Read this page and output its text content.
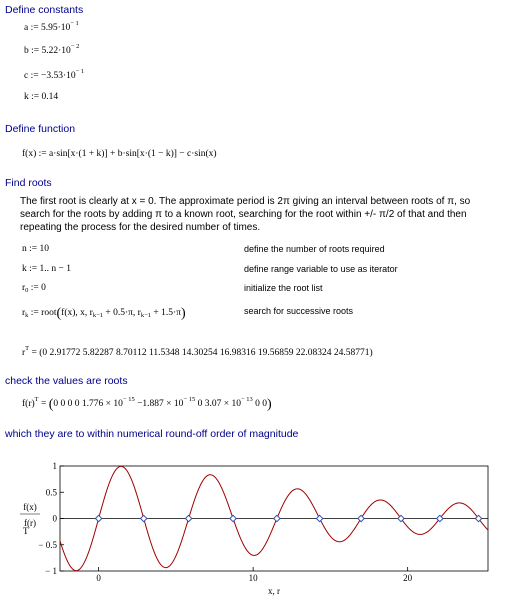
Define constants
a := $5.95\cdot 10^{- 1}$
b := $5.22\cdot 10^{- 2}$
c := $-3.53\cdot 10^{- 1}$
k := 0.14
Define function
f(x) := a·sin[x·(1 + k)] + b·sin[x·(1 − k)] − c·sin(x)
Find roots
The first root is clearly at x = 0. The approximate period is 2π giving an interval between roots of π, so search for the roots by adding π to a known root, searching for the root within +/- π/2 of that and then repeating the process for the desired number of times.
n := 10	define the number of roots required
k := 1.. n − 1	define range variable to use as iterator
$r_0$ := 0	initialize the root list
$r_k$ := root(f(x), x, $r_{k-1} + 0.5\cdot\pi$, $r_{k-1} + 1.5\cdot\pi$)	search for successive roots
$r^T = (0$ 2.91772 5.82287 8.70112 11.5348 14.30254 16.98316 19.56859 22.08324 24.58771)
check the values are roots
$f(r)^T = (0$ 0 0 0 $1.776 \times 10^{- 15} -1.887 \times 10^{- 15}$ 0 $3.07 \times 10^{- 13}$ 0 0)
which they are to within numerical round-off order of magnitude
0	10	20
1
0.5
0
− 0.5
− 1
f(x)
f(r)
T
x, r
